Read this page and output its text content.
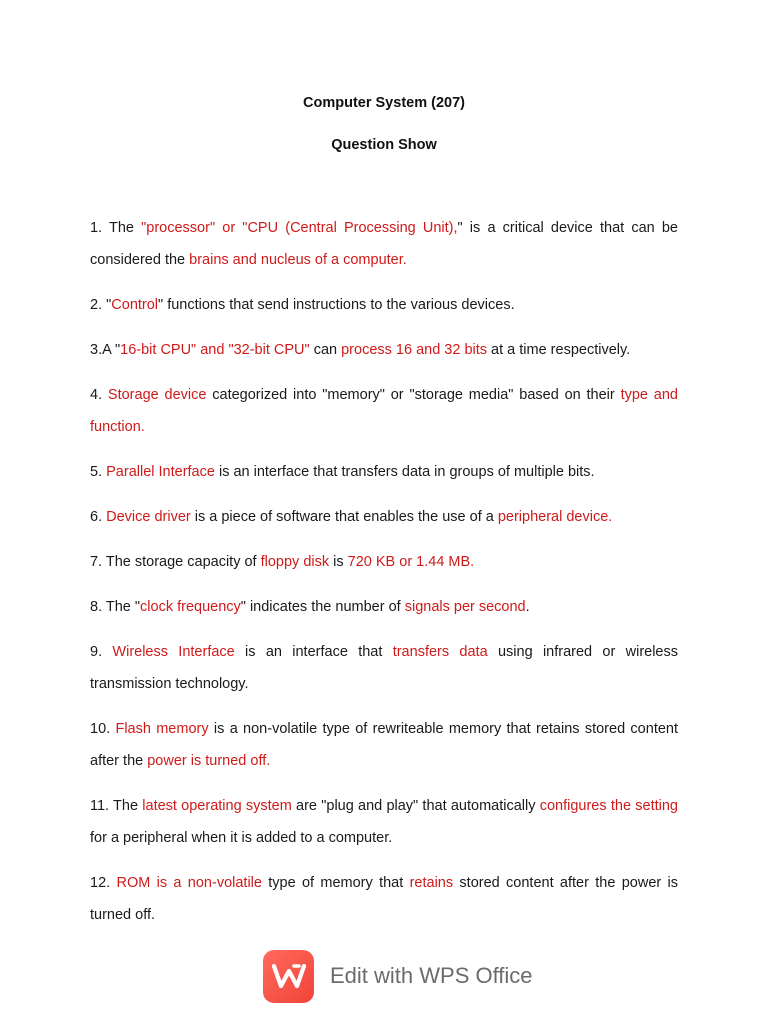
Computer System (207)
Question Show
1. The "processor" or "CPU (Central Processing Unit)," is a critical device that can be considered the brains and nucleus of a computer.
2. "Control" functions that send instructions to the various devices.
3.A "16-bit CPU" and "32-bit CPU" can process 16 and 32 bits at a time respectively.
4. Storage device categorized into "memory" or "storage media" based on their type and function.
5. Parallel Interface is an interface that transfers data in groups of multiple bits.
6. Device driver is a piece of software that enables the use of a peripheral device.
7. The storage capacity of floppy disk is 720 KB or 1.44 MB.
8. The "clock frequency" indicates the number of signals per second.
9. Wireless Interface is an interface that transfers data using infrared or wireless transmission technology.
10. Flash memory is a non-volatile type of rewriteable memory that retains stored content after the power is turned off.
11. The latest operating system are "plug and play" that automatically configures the setting for a peripheral when it is added to a computer.
12. ROM is a non-volatile type of memory that retains stored content after the power is turned off.
Edit with WPS Office
